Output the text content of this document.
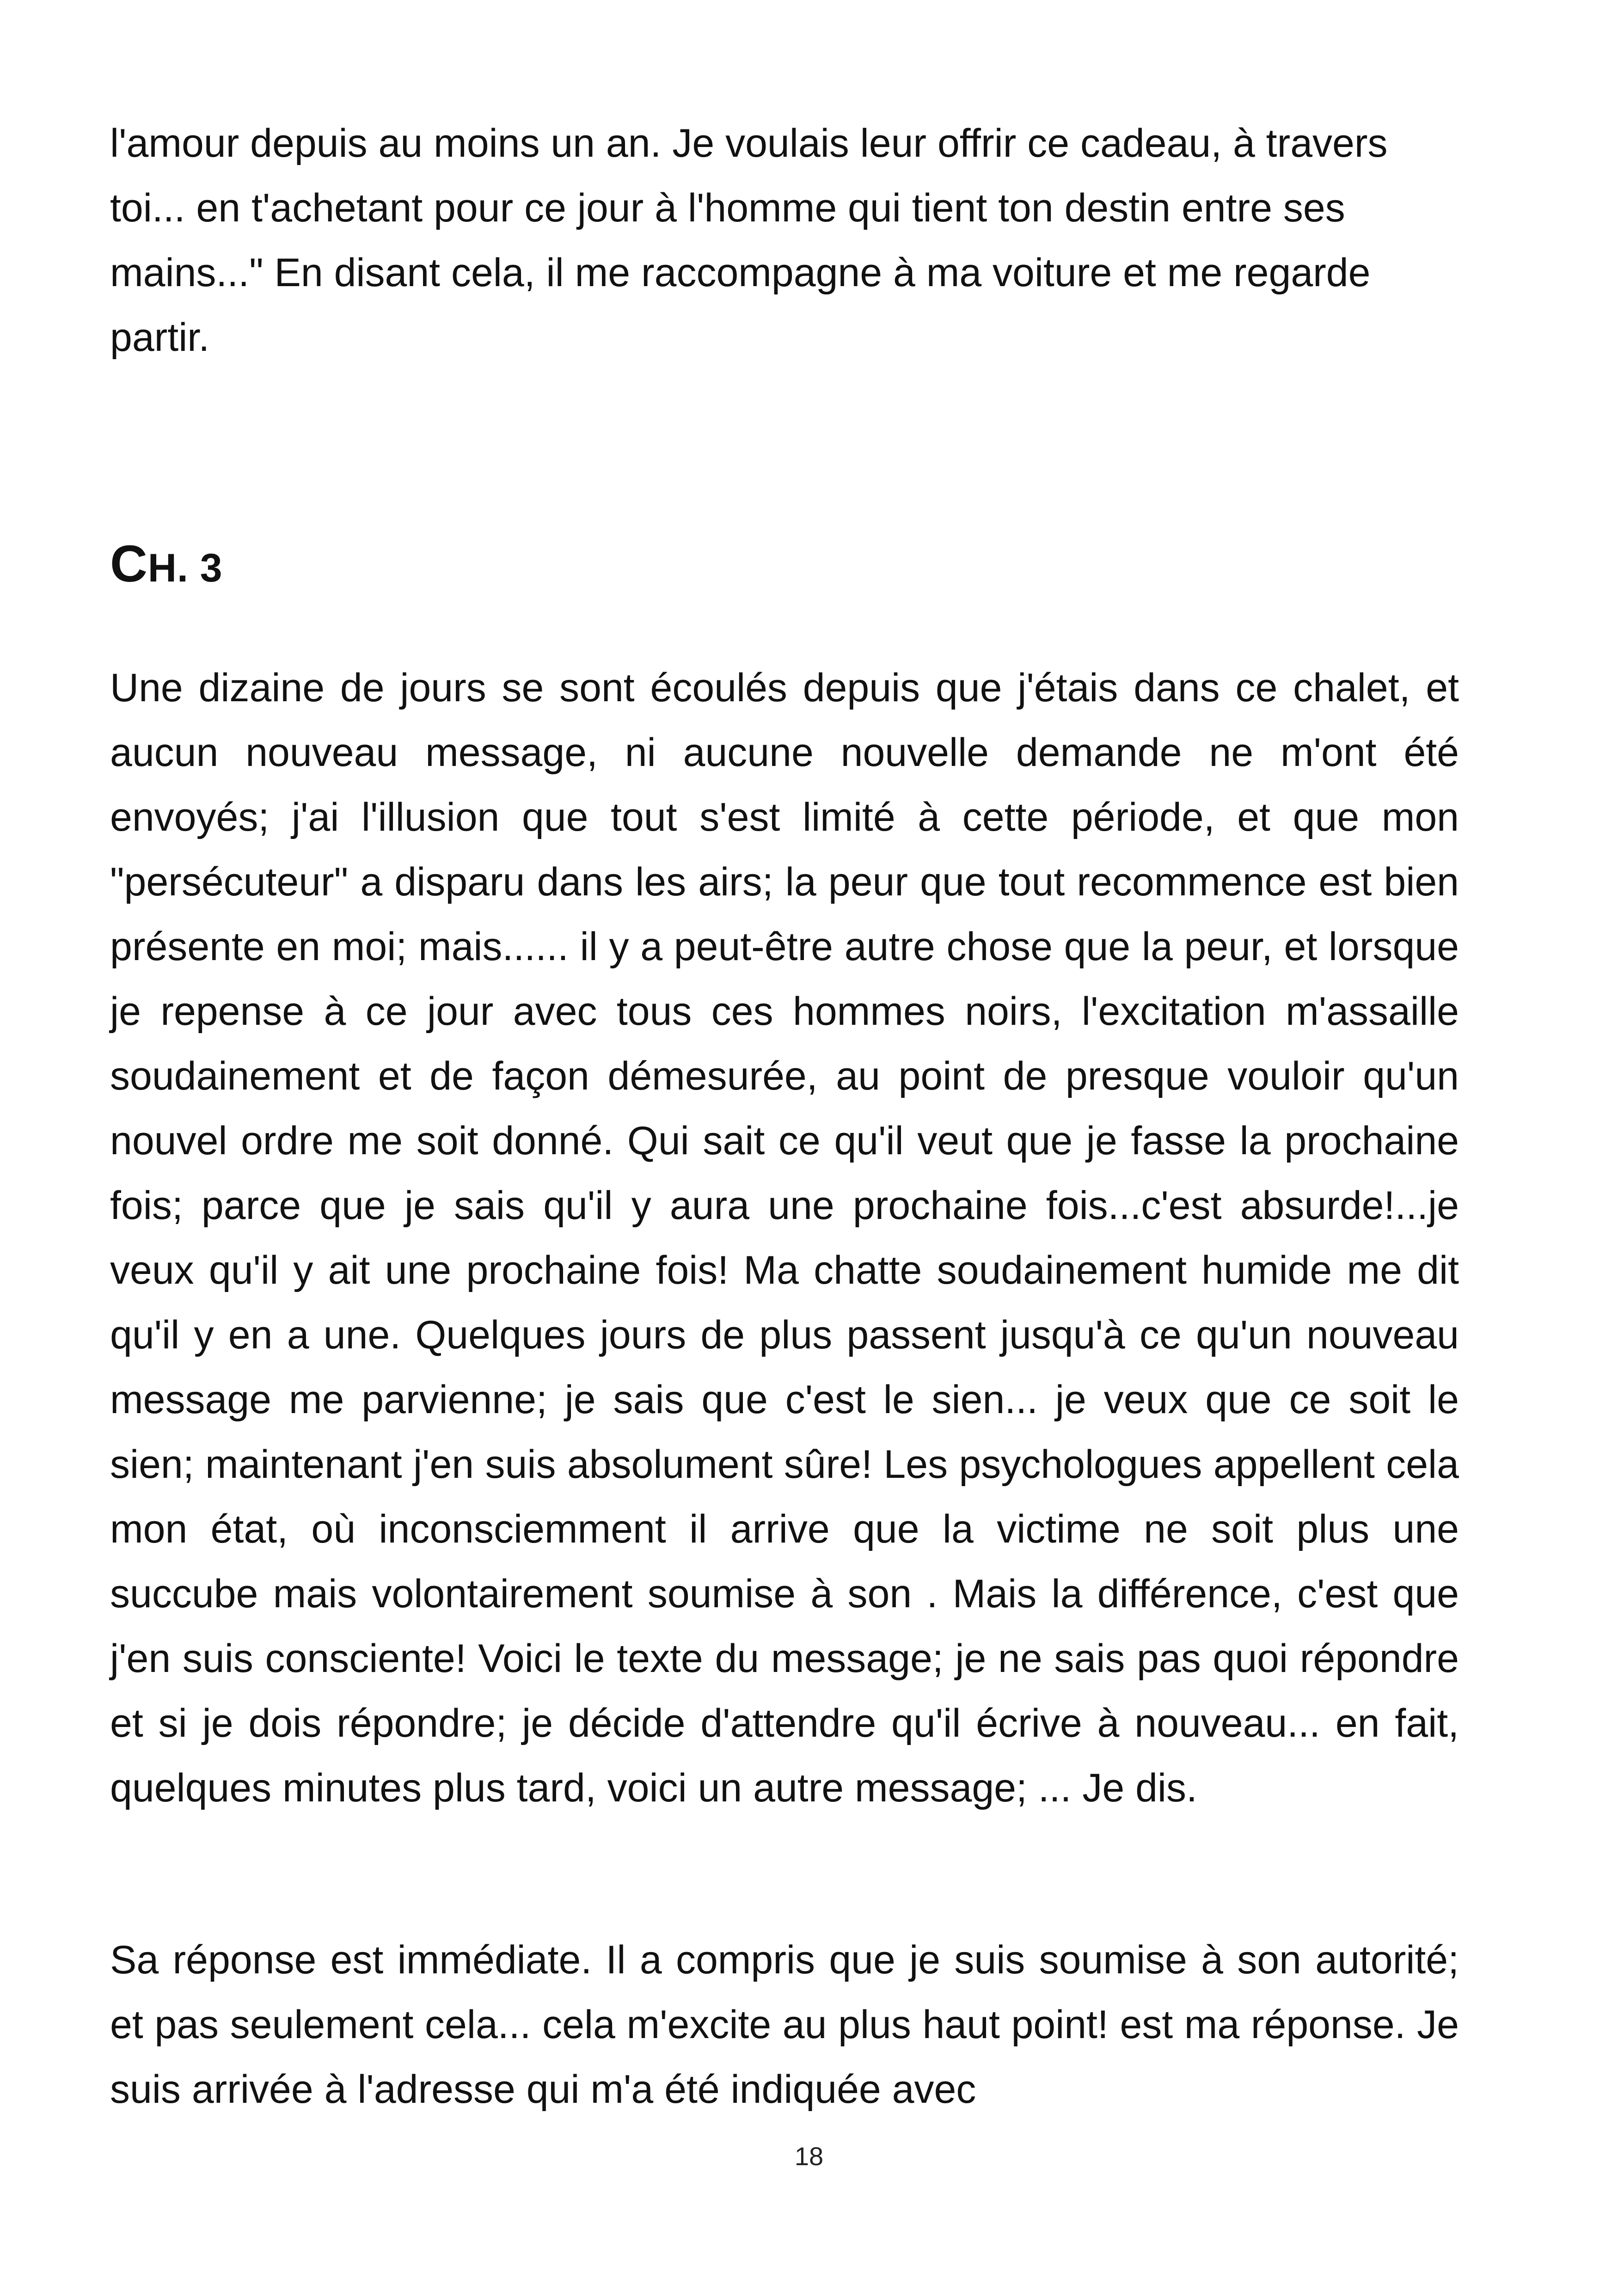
l'amour depuis au moins un an. Je voulais leur offrir ce cadeau, à travers toi... en t'achetant pour ce jour à l'homme qui tient ton destin entre ses mains..." En disant cela, il me raccompagne à ma voiture et me regarde partir.

Une dizaine de jours se sont écoulés depuis que j'étais dans ce chalet, et aucun nouveau message, ni aucune nouvelle demande ne m'ont été envoyés; j'ai l'illusion que tout s'est limité à cette période, et que mon "persécuteur" a disparu dans les airs; la peur que tout recommence est bien présente en moi; mais...... il y a peut-être autre chose que la peur, et lorsque je repense à ce jour avec tous ces hommes noirs, l'excitation m'assaille soudainement et de façon démesurée, au point de presque vouloir qu'un nouvel ordre me soit donné. Qui sait ce qu'il veut que je fasse la prochaine fois; parce que je sais qu'il y aura une prochaine fois...c'est absurde!...je veux qu'il y ait une prochaine fois! Ma chatte soudainement humide me dit qu'il y en a une. Quelques jours de plus passent jusqu'à ce qu'un nouveau message me parvienne; je sais que c'est le sien... je veux que ce soit le sien; maintenant j'en suis absolument sûre! Les psychologues appellent cela mon état, où inconsciemment il arrive que la victime ne soit plus une succube mais volontairement soumise à son . Mais la différence, c'est que j'en suis consciente! Voici le texte du message; je ne sais pas quoi répondre et si je dois répondre; je décide d'attendre qu'il écrive à nouveau... en fait, quelques minutes plus tard, voici un autre message; ... Je dis.

Sa réponse est immédiate. Il a compris que je suis soumise à son autorité; et pas seulement cela... cela m'excite au plus haut point! est ma réponse. Je suis arrivée à l'adresse qui m'a été indiquée avec

CH. 3
18
